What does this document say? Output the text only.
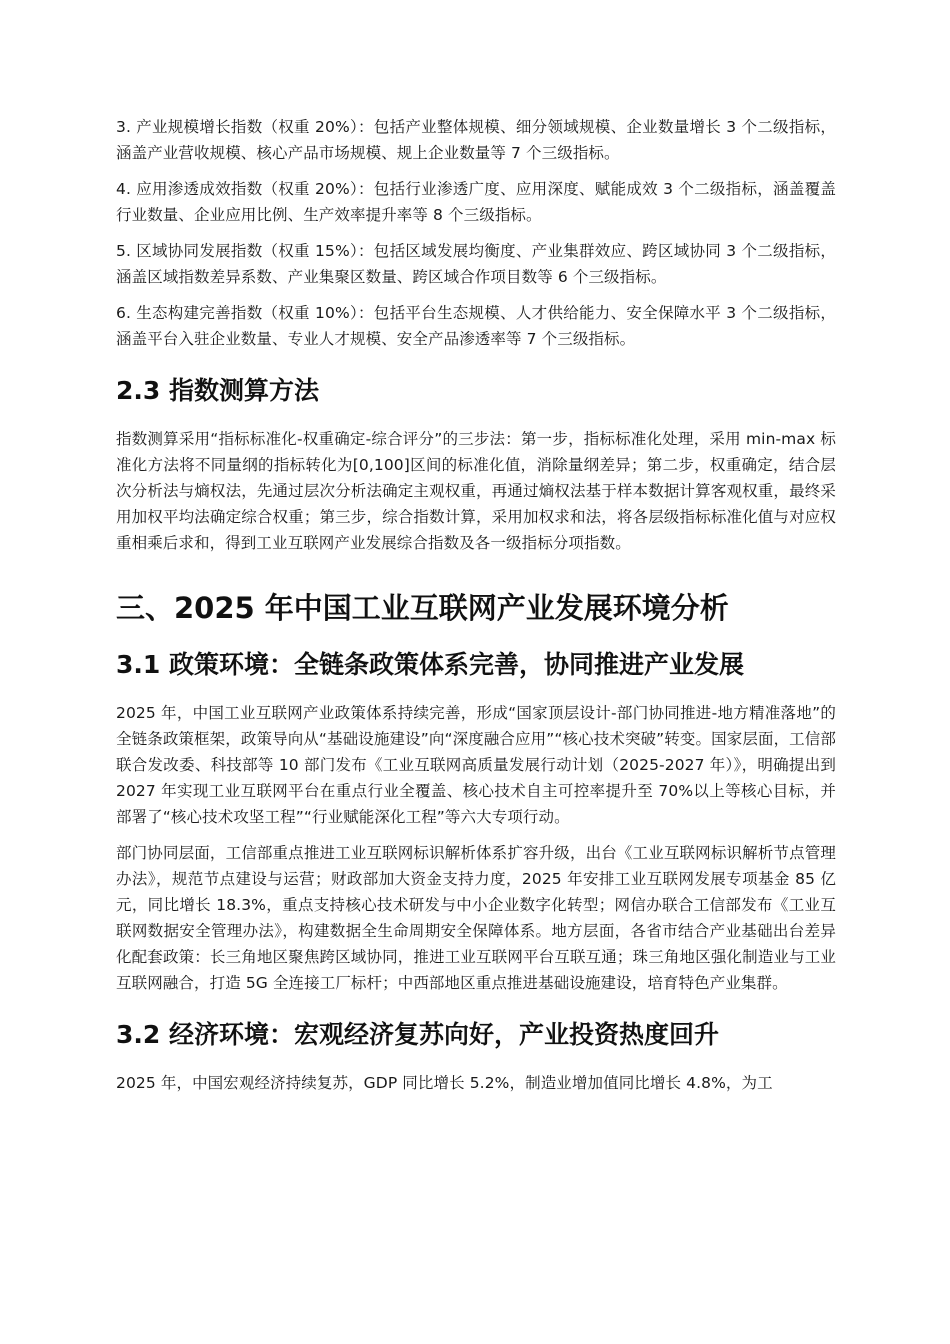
3. 产业规模增长指数（权重 20%）：包括产业整体规模、细分领域规模、企业数量增长 3 个二级指标，涵盖产业营收规模、核心产品市场规模、规上企业数量等 7 个三级指标。

4. 应用渗透成效指数（权重 20%）：包括行业渗透广度、应用深度、赋能成效 3 个二级指标，涵盖覆盖行业数量、企业应用比例、生产效率提升率等 8 个三级指标。

5. 区域协同发展指数（权重 15%）：包括区域发展均衡度、产业集群效应、跨区域协同 3 个二级指标，涵盖区域指数差异系数、产业集聚区数量、跨区域合作项目数等 6 个三级指标。

6. 生态构建完善指数（权重 10%）：包括平台生态规模、人才供给能力、安全保障水平 3 个二级指标，涵盖平台入驻企业数量、专业人才规模、安全产品渗透率等 7 个三级指标。

2.3 指数测算方法

指数测算采用“指标标准化-权重确定-综合评分”的三步法：第一步，指标标准化处理，采用 min-max 标准化方法将不同量纲的指标转化为[0,100]区间的标准化值，消除量纲差异；第二步，权重确定，结合层次分析法与熵权法，先通过层次分析法确定主观权重，再通过熵权法基于样本数据计算客观权重，最终采用加权平均法确定综合权重；第三步，综合指数计算，采用加权求和法，将各层级指标标准化值与对应权重相乘后求和，得到工业互联网产业发展综合指数及各一级指标分项指数。

三、2025 年中国工业互联网产业发展环境分析
3.1 政策环境：全链条政策体系完善，协同推进产业发展

2025 年，中国工业互联网产业政策体系持续完善，形成“国家顶层设计-部门协同推进-地方精准落地”的全链条政策框架，政策导向从“基础设施建设”向“深度融合应用”“核心技术突破”转变。国家层面，工信部联合发改委、科技部等 10 部门发布《工业互联网高质量发展行动计划（2025-2027 年）》，明确提出到 2027 年实现工业互联网平台在重点行业全覆盖、核心技术自主可控率提升至 70%以上等核心目标，并部署了“核心技术攻坚工程”“行业赋能深化工程”等六大专项行动。

部门协同层面，工信部重点推进工业互联网标识解析体系扩容升级，出台《工业互联网标识解析节点管理办法》，规范节点建设与运营；财政部加大资金支持力度，2025 年安排工业互联网发展专项基金 85 亿元，同比增长 18.3%，重点支持核心技术研发与中小企业数字化转型；网信办联合工信部发布《工业互联网数据安全管理办法》，构建数据全生命周期安全保障体系。地方层面，各省市结合产业基础出台差异化配套政策：长三角地区聚焦跨区域协同，推进工业互联网平台互联互通；珠三角地区强化制造业与工业互联网融合，打造 5G 全连接工厂标杆；中西部地区重点推进基础设施建设，培育特色产业集群。

3.2 经济环境：宏观经济复苏向好，产业投资热度回升

2025 年，中国宏观经济持续复苏，GDP 同比增长 5.2%，制造业增加值同比增长 4.8%，为工
